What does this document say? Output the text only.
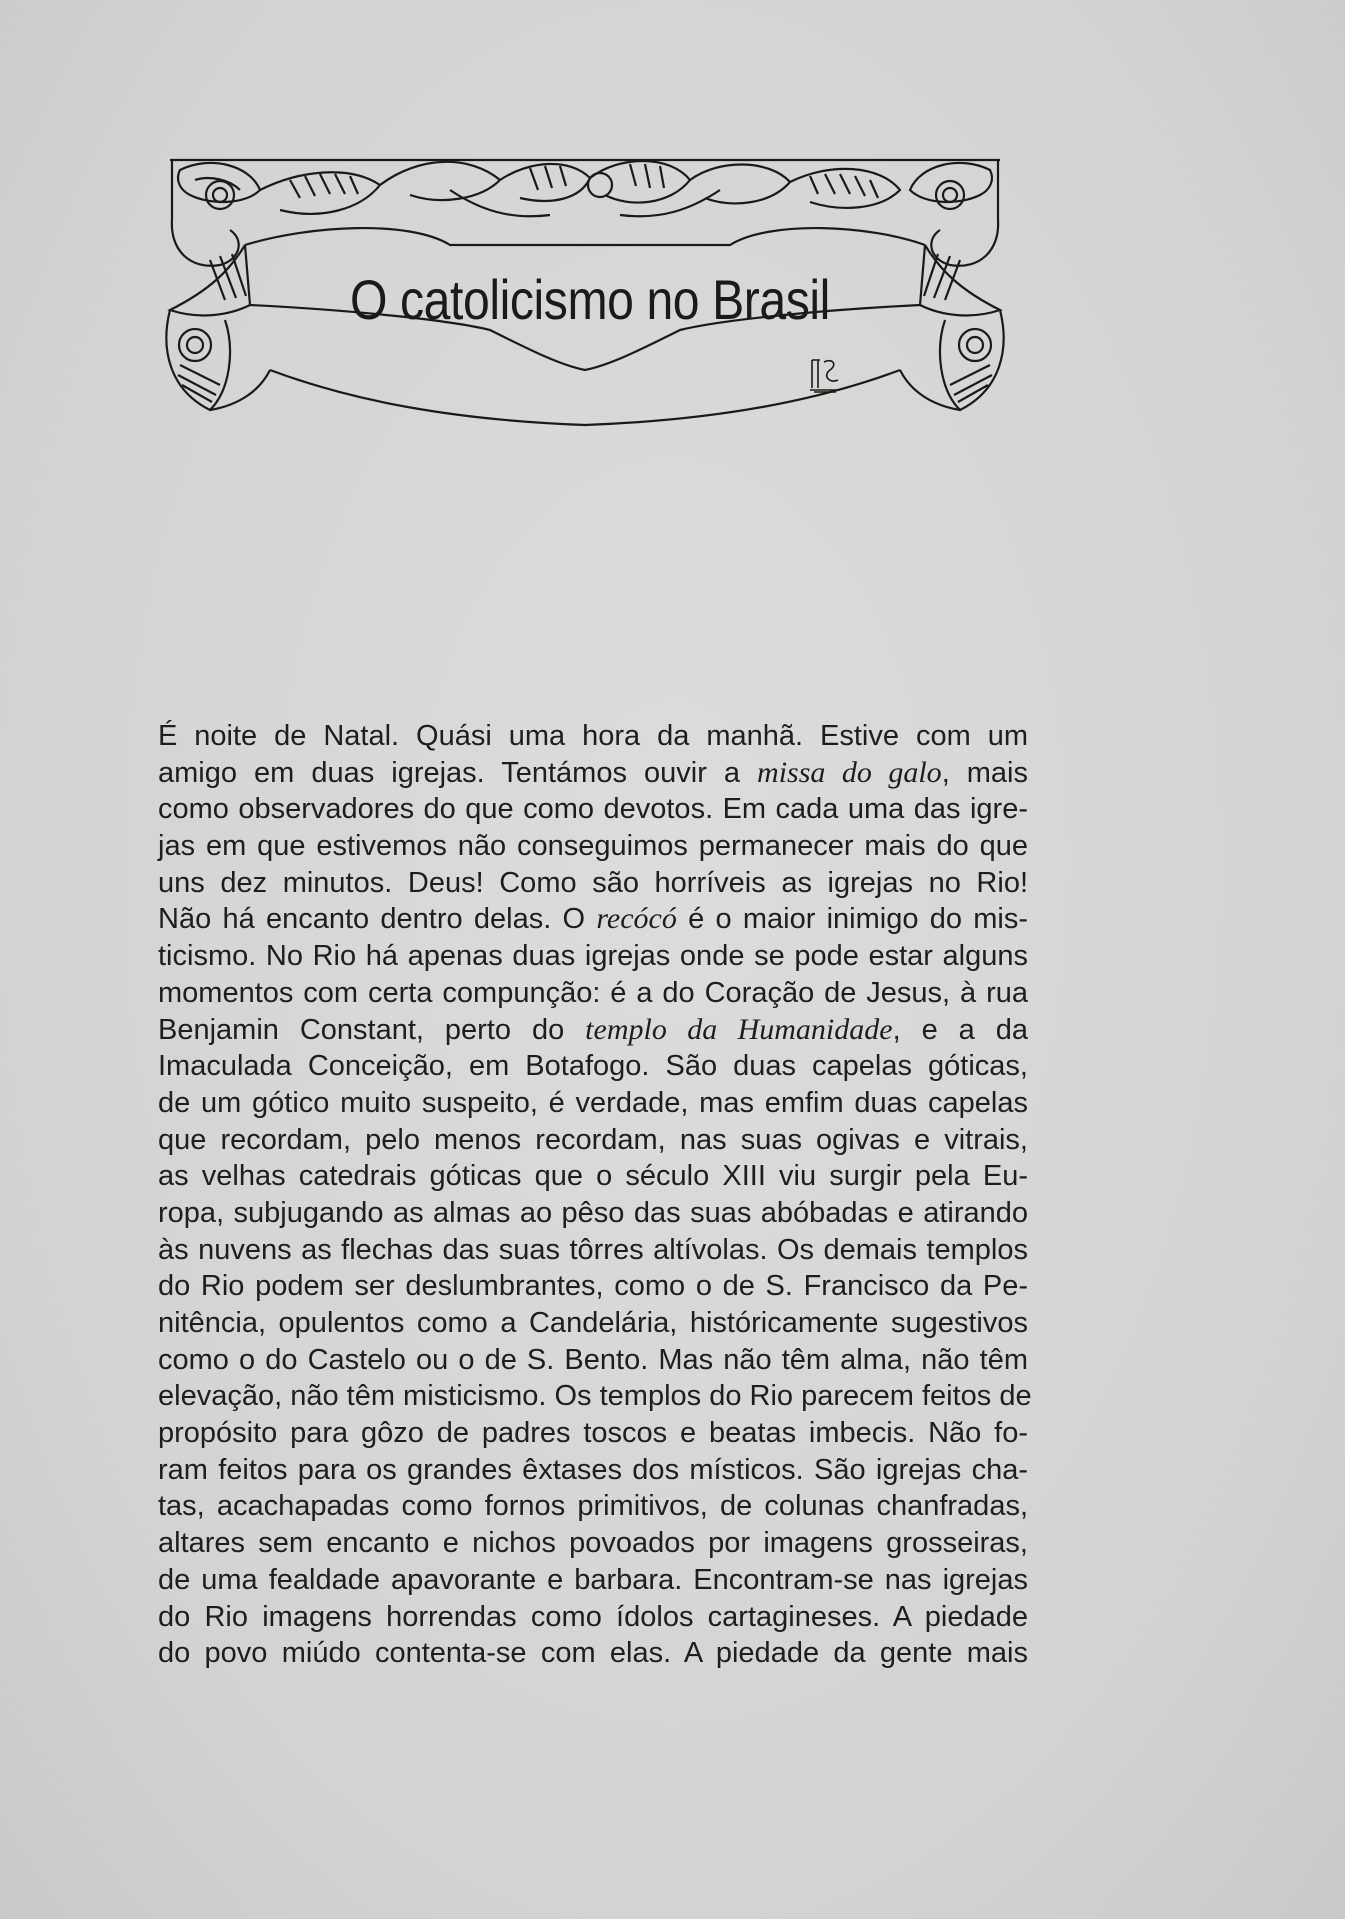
O catolicismo no Brasil
É noite de Natal. Quási uma hora da manhã. Estive com um
amigo em duas igrejas. Tentámos ouvir a missa do galo, mais
como observadores do que como devotos. Em cada uma das igre-
jas em que estivemos não conseguimos permanecer mais do que
uns dez minutos. Deus! Como são horríveis as igrejas no Rio!
Não há encanto dentro delas. O recócó é o maior inimigo do mis-
ticismo. No Rio há apenas duas igrejas onde se pode estar alguns
momentos com certa compunção: é a do Coração de Jesus, à rua
Benjamin Constant, perto do templo da Humanidade, e a da
Imaculada Conceição, em Botafogo. São duas capelas góticas,
de um gótico muito suspeito, é verdade, mas emfim duas capelas
que recordam, pelo menos recordam, nas suas ogivas e vitrais,
as velhas catedrais góticas que o século XIII viu surgir pela Eu-
ropa, subjugando as almas ao pêso das suas abóbadas e atirando
às nuvens as flechas das suas tôrres altívolas. Os demais templos
do Rio podem ser deslumbrantes, como o de S. Francisco da Pe-
nitência, opulentos como a Candelária, históricamente sugestivos
como o do Castelo ou o de S. Bento. Mas não têm alma, não têm
elevação, não têm misticismo. Os templos do Rio parecem feitos de
propósito para gôzo de padres toscos e beatas imbecis. Não fo-
ram feitos para os grandes êxtases dos místicos. São igrejas cha-
tas, acachapadas como fornos primitivos, de colunas chanfradas,
altares sem encanto e nichos povoados por imagens grosseiras,
de uma fealdade apavorante e barbara. Encontram-se nas igrejas
do Rio imagens horrendas como ídolos cartagineses. A piedade
do povo miúdo contenta-se com elas. A piedade da gente mais
